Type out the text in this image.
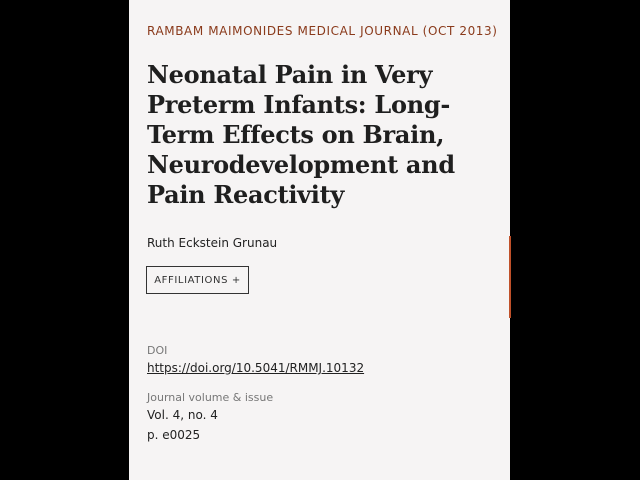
RAMBAM MAIMONIDES MEDICAL JOURNAL (OCT 2013)
Neonatal Pain in Very Preterm Infants: Long-Term Effects on Brain, Neurodevelopment and Pain Reactivity
Ruth Eckstein Grunau
AFFILIATIONS +
DOI
https://doi.org/10.5041/RMMJ.10132
Journal volume & issue
Vol. 4, no. 4
p. e0025
